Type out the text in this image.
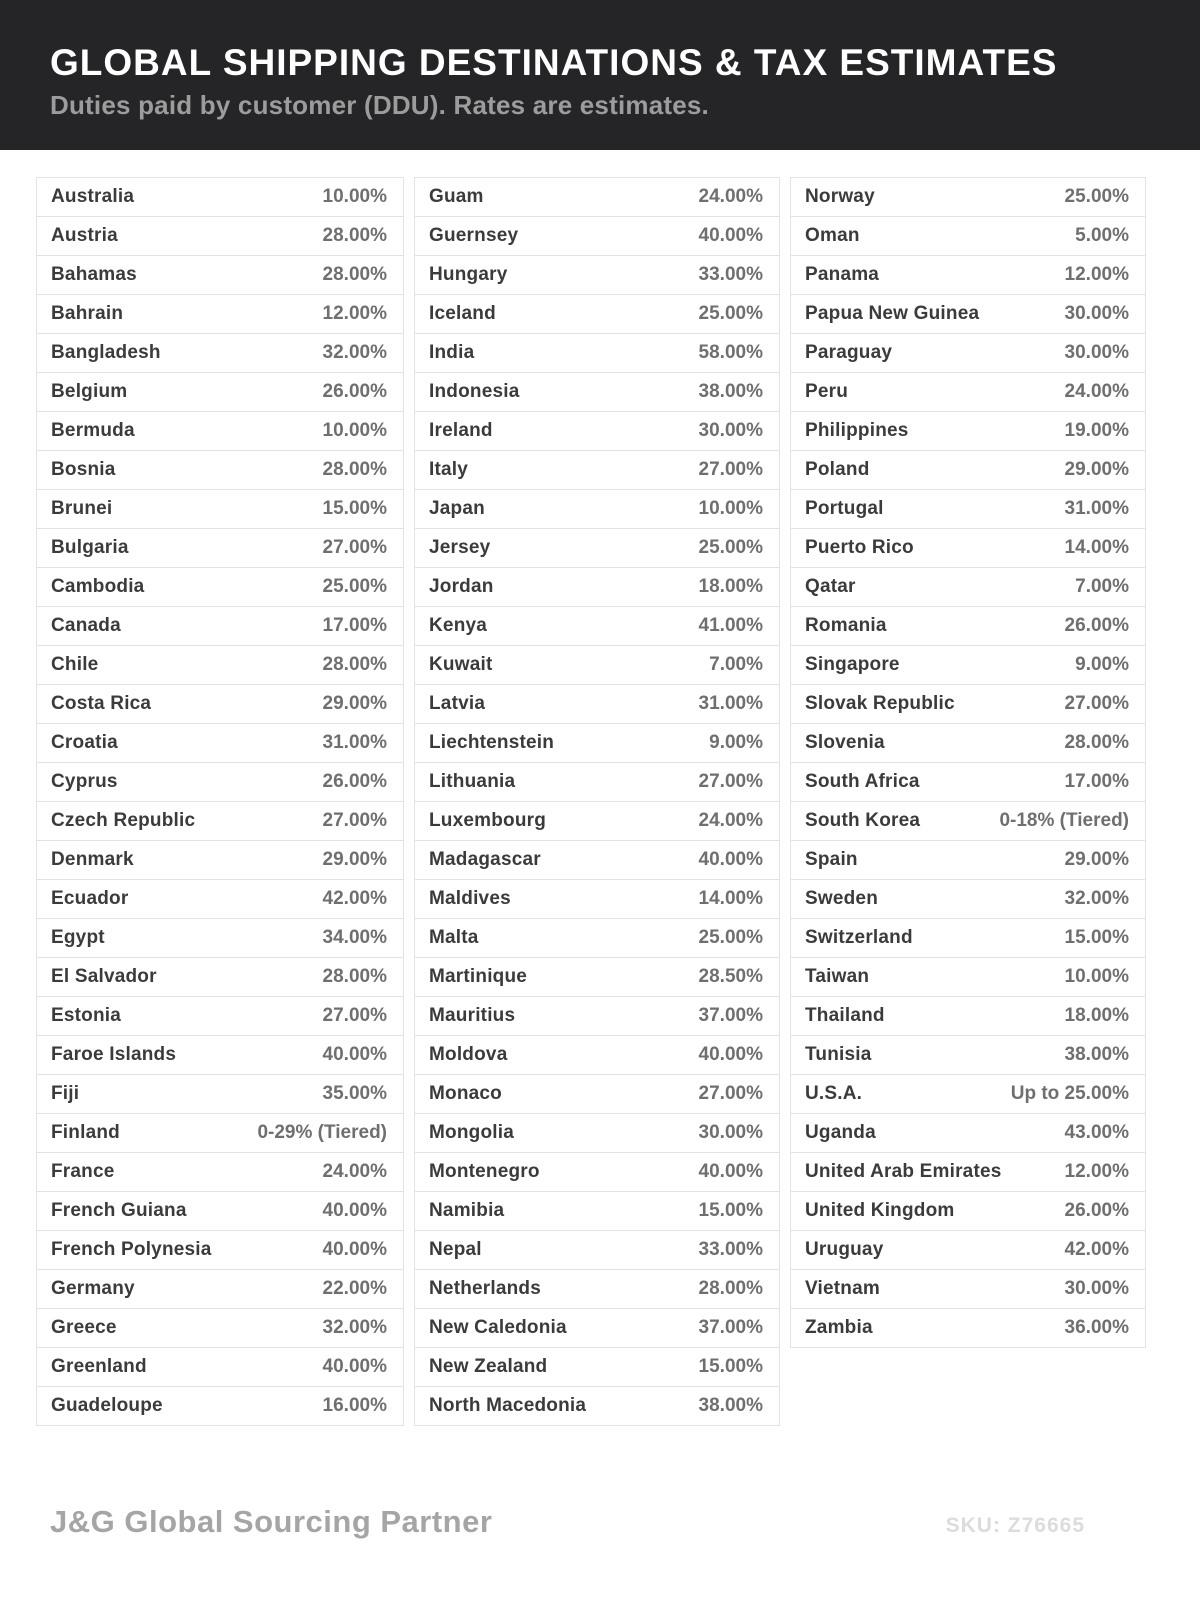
GLOBAL SHIPPING DESTINATIONS & TAX ESTIMATES

Duties paid by customer (DDU). Rates are estimates.

Australia	10.00%
Austria	28.00%
Bahamas	28.00%
Bahrain	12.00%
Bangladesh	32.00%
Belgium	26.00%
Bermuda	10.00%
Bosnia	28.00%
Brunei	15.00%
Bulgaria	27.00%
Cambodia	25.00%
Canada	17.00%
Chile	28.00%
Costa Rica	29.00%
Croatia	31.00%
Cyprus	26.00%
Czech Republic	27.00%
Denmark	29.00%
Ecuador	42.00%
Egypt	34.00%
El Salvador	28.00%
Estonia	27.00%
Faroe Islands	40.00%
Fiji	35.00%
Finland	0-29% (Tiered)
France	24.00%
French Guiana	40.00%
French Polynesia	40.00%
Germany	22.00%
Greece	32.00%
Greenland	40.00%
Guadeloupe	16.00%
Guam	24.00%
Guernsey	40.00%
Hungary	33.00%
Iceland	25.00%
India	58.00%
Indonesia	38.00%
Ireland	30.00%
Italy	27.00%
Japan	10.00%
Jersey	25.00%
Jordan	18.00%
Kenya	41.00%
Kuwait	7.00%
Latvia	31.00%
Liechtenstein	9.00%
Lithuania	27.00%
Luxembourg	24.00%
Madagascar	40.00%
Maldives	14.00%
Malta	25.00%
Martinique	28.50%
Mauritius	37.00%
Moldova	40.00%
Monaco	27.00%
Mongolia	30.00%
Montenegro	40.00%
Namibia	15.00%
Nepal	33.00%
Netherlands	28.00%
New Caledonia	37.00%
New Zealand	15.00%
North Macedonia	38.00%
Norway	25.00%
Oman	5.00%
Panama	12.00%
Papua New Guinea	30.00%
Paraguay	30.00%
Peru	24.00%
Philippines	19.00%
Poland	29.00%
Portugal	31.00%
Puerto Rico	14.00%
Qatar	7.00%
Romania	26.00%
Singapore	9.00%
Slovak Republic	27.00%
Slovenia	28.00%
South Africa	17.00%
South Korea	0-18% (Tiered)
Spain	29.00%
Sweden	32.00%
Switzerland	15.00%
Taiwan	10.00%
Thailand	18.00%
Tunisia	38.00%
U.S.A.	Up to 25.00%
Uganda	43.00%
United Arab Emirates	12.00%
United Kingdom	26.00%
Uruguay	42.00%
Vietnam	30.00%
Zambia	36.00%
J&G Global Sourcing Partner	SKU: Z76665
